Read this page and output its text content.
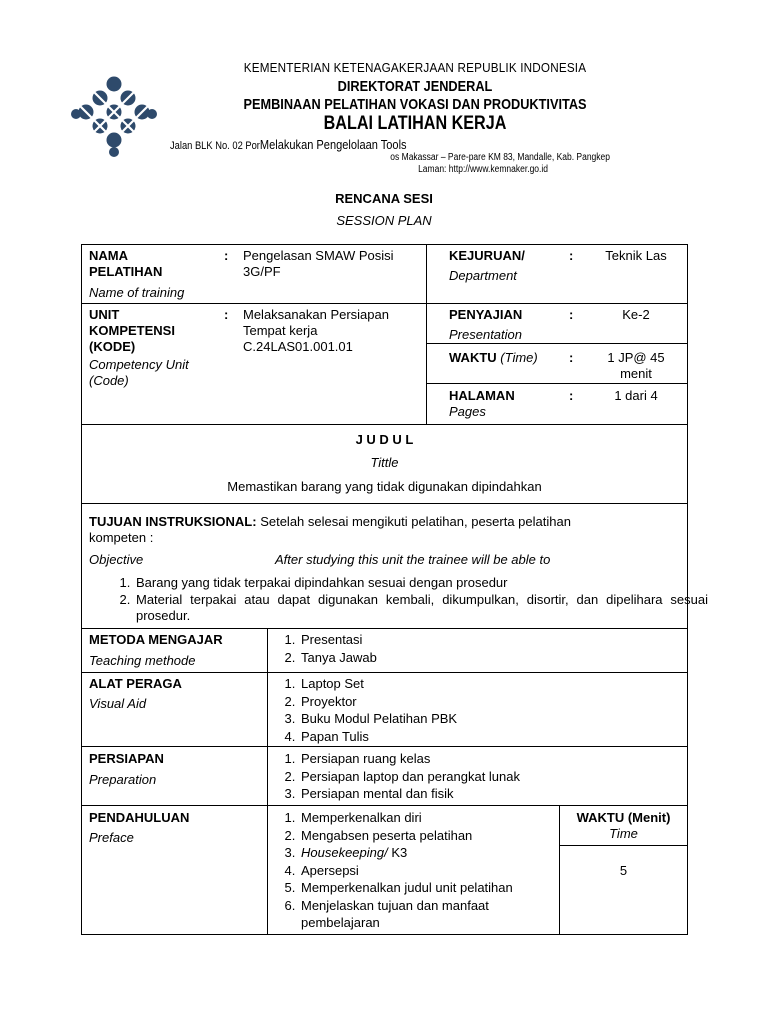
KEMENTERIAN KETENAGAKERJAAN REPUBLIK INDONESIA
DIREKTORAT JENDERAL
PEMBINAAN PELATIHAN VOKASI DAN PRODUKTIVITAS
BALAI LATIHAN KERJA
Jalan BLK No. 02 PorMelakukan Pengelolaan Tools
os Makassar – Pare-pare KM 83, Mandalle, Kab. Pangkep
Laman: http://www.kemnaker.go.id
RENCANA SESI
SESSION PLAN
NAMA PELATIHAN
Name of training
: Pengelasan SMAW Posisi 3G/PF
KEJURUAN/
Department
:	Teknik Las
UNIT KOMPETENSI (KODE)
Competency Unit (Code)
: Melaksanakan Persiapan Tempat kerja
C.24LAS01.001.01
PENYAJIAN
Presentation
:	Ke-2
WAKTU (Time) :	1 JP@ 45 menit
HALAMAN
Pages
:	1 dari 4
J U D U L
Tittle
Memastikan barang yang tidak digunakan dipindahkan
TUJUAN INSTRUKSIONAL: Setelah selesai mengikuti pelatihan, peserta pelatihan kompeten :
Objective	After studying this unit the trainee will be able to
1. Barang yang tidak terpakai dipindahkan sesuai dengan prosedur
2. Material terpakai atau dapat digunakan kembali, dikumpulkan, disortir, dan dipelihara sesuai prosedur.
METODA MENGAJAR
Teaching methode
1. Presentasi
2. Tanya Jawab
ALAT PERAGA
Visual Aid
1. Laptop Set
2. Proyektor
3. Buku Modul Pelatihan PBK
4. Papan Tulis
PERSIAPAN
Preparation
1. Persiapan ruang kelas
2. Persiapan laptop dan perangkat lunak
3. Persiapan mental dan fisik
PENDAHULUAN
Preface
1. Memperkenalkan diri
2. Mengabsen peserta pelatihan
3. Housekeeping/ K3
4. Apersepsi
5. Memperkenalkan judul unit pelatihan
6. Menjelaskan tujuan dan manfaat pembelajaran
WAKTU (Menit)
Time
5
